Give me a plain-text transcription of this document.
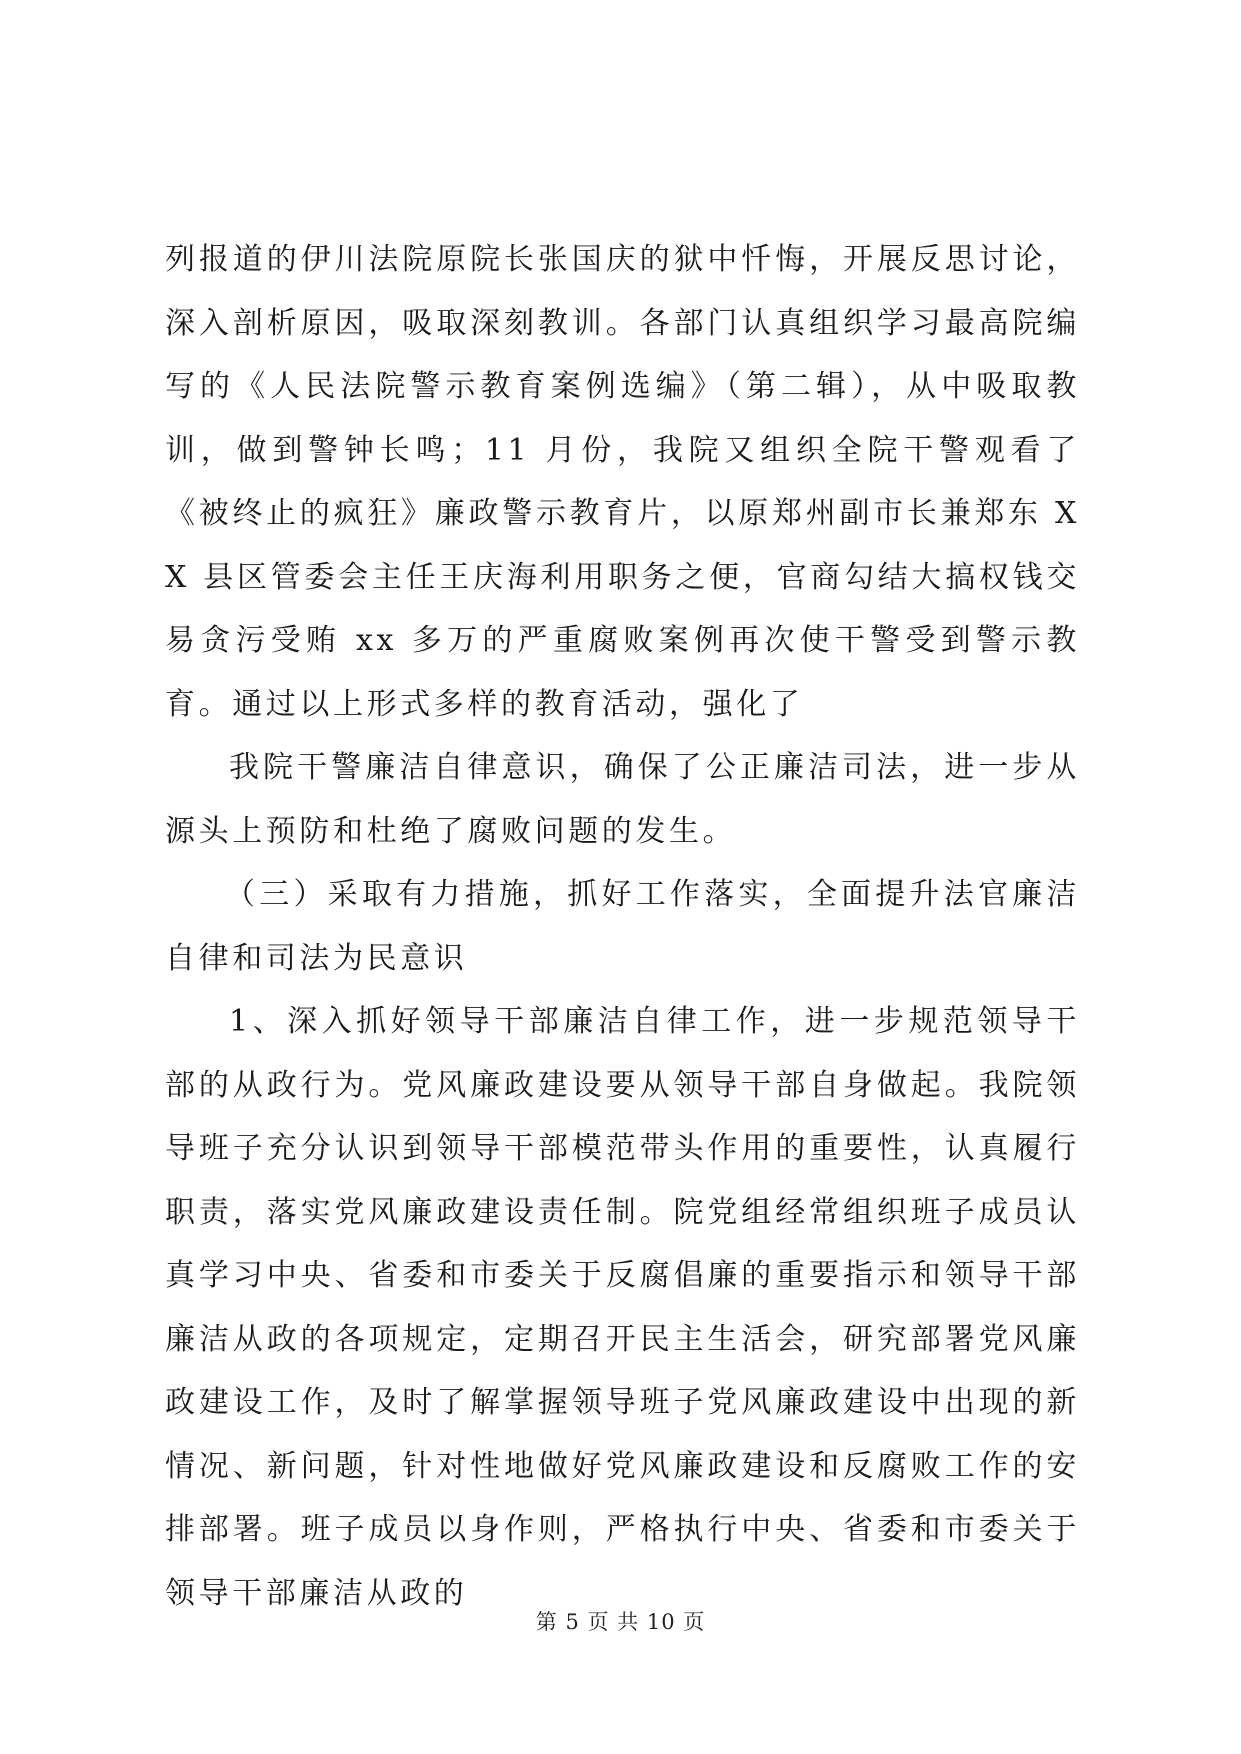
列报道的伊川法院原院长张国庆的狱中忏悔，开展反思讨论，深入剖析原因，吸取深刻教训。各部门认真组织学习最高院编写的《人民法院警示教育案例选编》（第二辑），从中吸取教训，做到警钟长鸣；11 月份，我院又组织全院干警观看了《被终止的疯狂》廉政警示教育片，以原郑州副市长兼郑东 XX 县区管委会主任王庆海利用职务之便，官商勾结大搞权钱交易贪污受贿 xx 多万的严重腐败案例再次使干警受到警示教育。通过以上形式多样的教育活动，强化了

我院干警廉洁自律意识，确保了公正廉洁司法，进一步从源头上预防和杜绝了腐败问题的发生。

（三）采取有力措施，抓好工作落实，全面提升法官廉洁自律和司法为民意识

1、深入抓好领导干部廉洁自律工作，进一步规范领导干部的从政行为。党风廉政建设要从领导干部自身做起。我院领导班子充分认识到领导干部模范带头作用的重要性，认真履行职责，落实党风廉政建设责任制。院党组经常组织班子成员认真学习中央、省委和市委关于反腐倡廉的重要指示和领导干部廉洁从政的各项规定，定期召开民主生活会，研究部署党风廉政建设工作，及时了解掌握领导班子党风廉政建设中出现的新情况、新问题，针对性地做好党风廉政建设和反腐败工作的安排部署。班子成员以身作则，严格执行中央、省委和市委关于领导干部廉洁从政的

第 5 页 共 10 页
